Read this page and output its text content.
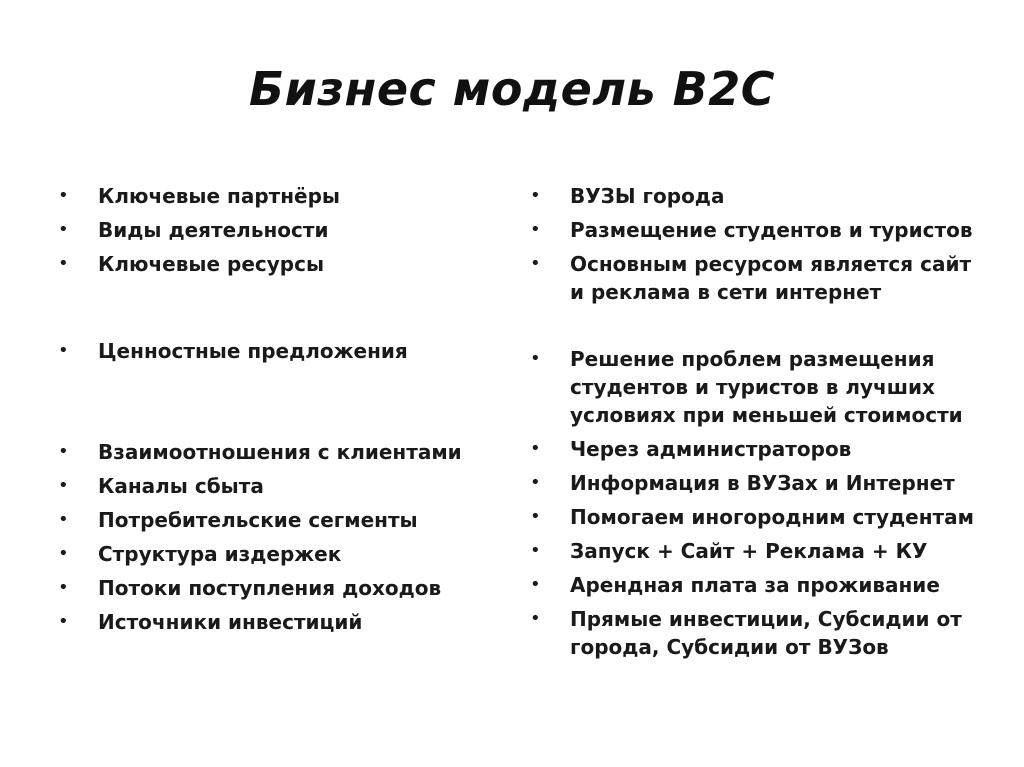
Бизнес модель В2С
• Ключевые партнёры
• Виды деятельности
• Ключевые ресурсы
• Ценностные предложения
• Взаимоотношения с клиентами
• Каналы сбыта
• Потребительские сегменты
• Структура издержек
• Потоки поступления доходов
• Источники инвестиций
• ВУЗЫ города
• Размещение студентов и туристов
• Основным ресурсом является сайт
и реклама в сети интернет
• Решение проблем размещения
студентов и туристов в лучших
условиях при меньшей стоимости
• Через администраторов
• Информация в ВУЗах и Интернет
• Помогаем иногородним студентам
• Запуск + Сайт + Реклама + КУ
• Арендная плата за проживание
• Прямые инвестиции, Субсидии от
города, Субсидии от ВУЗов
